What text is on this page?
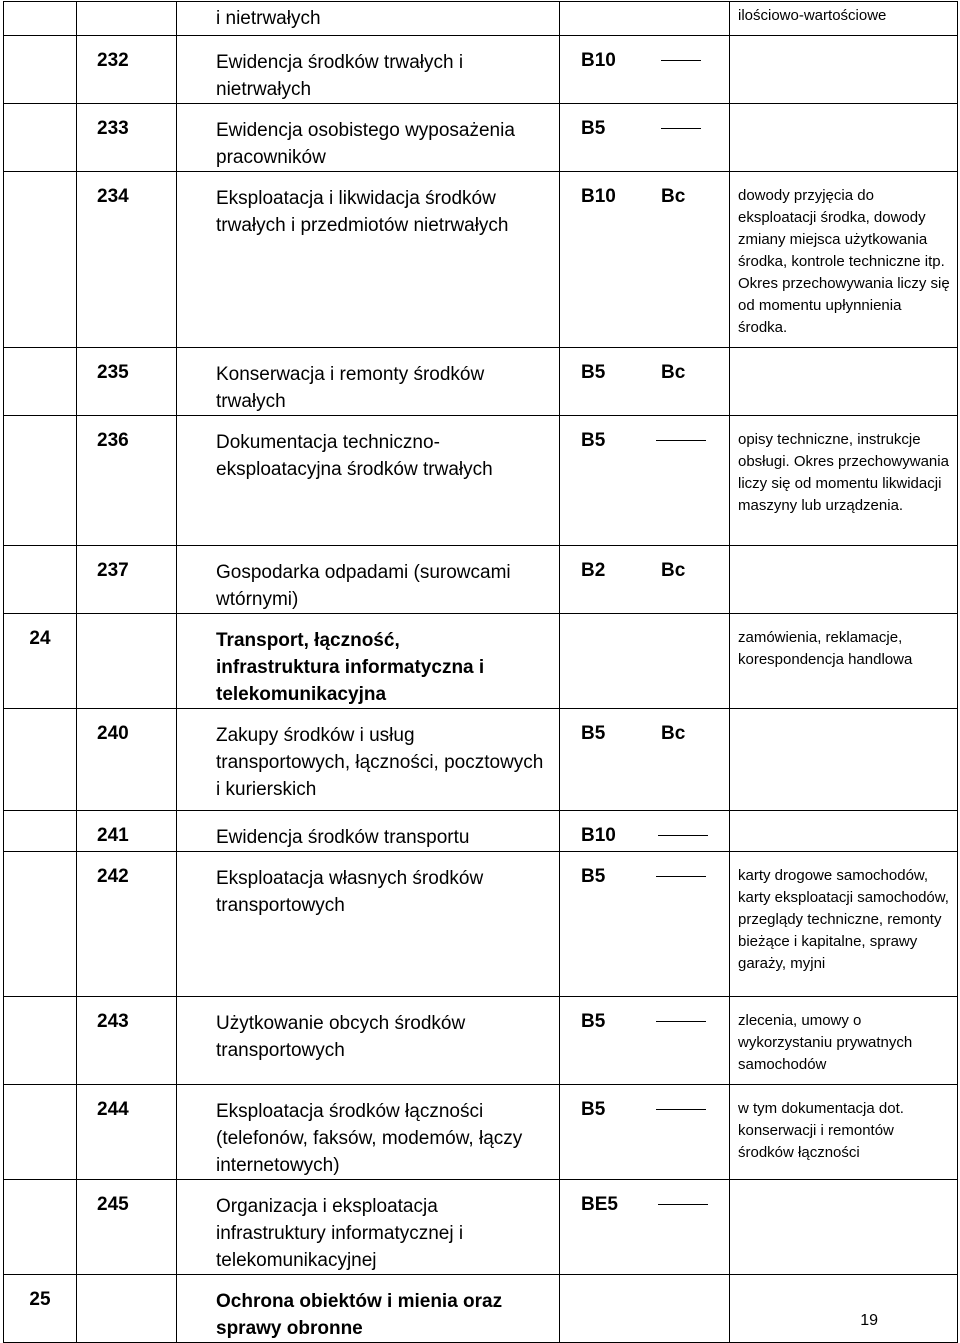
		i nietrwałych		ilościowo-wartościowe
	232	Ewidencja środków trwałych i nietrwałych	B10	
	233	Ewidencja osobistego wyposażenia pracowników	B5	
	234	Eksploatacja i likwidacja środków trwałych i przedmiotów nietrwałych	B10 Bc	dowody przyjęcia do eksploatacji środka, dowody zmiany miejsca użytkowania środka, kontrole techniczne itp. Okres przechowywania liczy się od momentu upłynnienia środka.
	235	Konserwacja i remonty środków trwałych	B5 Bc	
	236	Dokumentacja techniczno-eksploatacyjna środków trwałych	B5	opisy techniczne, instrukcje obsługi. Okres przechowywania liczy się od momentu likwidacji maszyny lub urządzenia.
	237	Gospodarka odpadami (surowcami wtórnymi)	B2 Bc	
24		Transport, łączność, infrastruktura informatyczna i telekomunikacyjna		zamówienia, reklamacje, korespondencja handlowa
	240	Zakupy środków i usług transportowych, łączności, pocztowych i kurierskich	B5 Bc	
	241	Ewidencja środków transportu	B10	
	242	Eksploatacja własnych środków transportowych	B5	karty drogowe samochodów, karty eksploatacji samochodów, przeglądy techniczne, remonty bieżące i kapitalne, sprawy garaży, myjni
	243	Użytkowanie obcych środków transportowych	B5	zlecenia, umowy o wykorzystaniu prywatnych samochodów
	244	Eksploatacja środków łączności (telefonów, faksów, modemów, łączy internetowych)	B5	w tym dokumentacja dot. konserwacji i remontów środków łączności
	245	Organizacja i eksploatacja infrastruktury informatycznej i telekomunikacyjnej	BE5	
25		Ochrona obiektów i mienia oraz sprawy obronne		
			19
